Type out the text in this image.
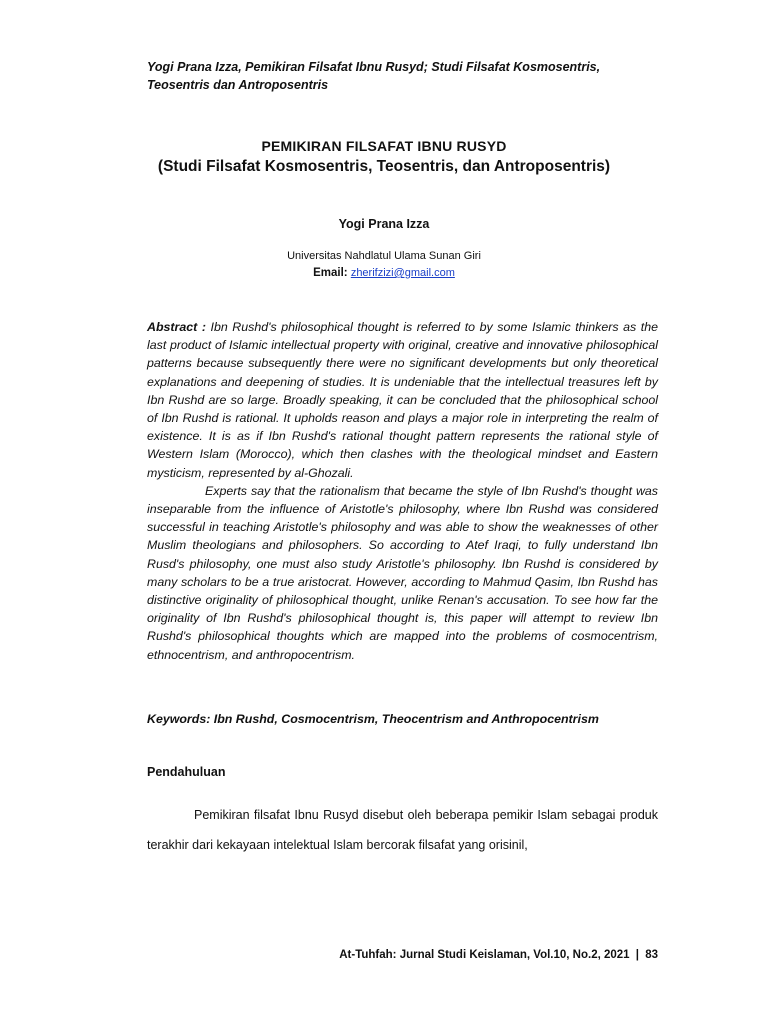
Yogi Prana Izza, Pemikiran Filsafat Ibnu Rusyd; Studi Filsafat Kosmosentris, Teosentris dan Antroposentris
PEMIKIRAN FILSAFAT IBNU RUSYD
(Studi Filsafat Kosmosentris, Teosentris, dan Antroposentris)
Yogi Prana Izza
Universitas Nahdlatul Ulama Sunan Giri
Email: zherifzizi@gmail.com

Abstract : Ibn Rushd's philosophical thought is referred to by some Islamic thinkers as the last product of Islamic intellectual property with original, creative and innovative philosophical patterns because subsequently there were no significant developments but only theoretical explanations and deepening of studies. It is undeniable that the intellectual treasures left by Ibn Rushd are so large. Broadly speaking, it can be concluded that the philosophical school of Ibn Rushd is rational. It upholds reason and plays a major role in interpreting the realm of existence. It is as if Ibn Rushd's rational thought pattern represents the rational style of Western Islam (Morocco), which then clashes with the theological mindset and Eastern mysticism, represented by al-Ghozali.

Experts say that the rationalism that became the style of Ibn Rushd's thought was inseparable from the influence of Aristotle's philosophy, where Ibn Rushd was considered successful in teaching Aristotle's philosophy and was able to show the weaknesses of other Muslim theologians and philosophers. So according to Atef Iraqi, to fully understand Ibn Rusd's philosophy, one must also study Aristotle's philosophy. Ibn Rushd is considered by many scholars to be a true aristocrat. However, according to Mahmud Qasim, Ibn Rushd has distinctive originality of philosophical thought, unlike Renan's accusation. To see how far the originality of Ibn Rushd's philosophical thought is, this paper will attempt to review Ibn Rushd's philosophical thoughts which are mapped into the problems of cosmocentrism, ethnocentrism, and anthropocentrism.

Keywords: Ibn Rushd, Cosmocentrism, Theocentrism and Anthropocentrism
Pendahuluan

Pemikiran filsafat Ibnu Rusyd disebut oleh beberapa pemikir Islam sebagai produk terakhir dari kekayaan intelektual Islam bercorak filsafat yang orisinil,

At-Tuhfah: Jurnal Studi Keislaman, Vol.10, No.2, 2021 | 83
